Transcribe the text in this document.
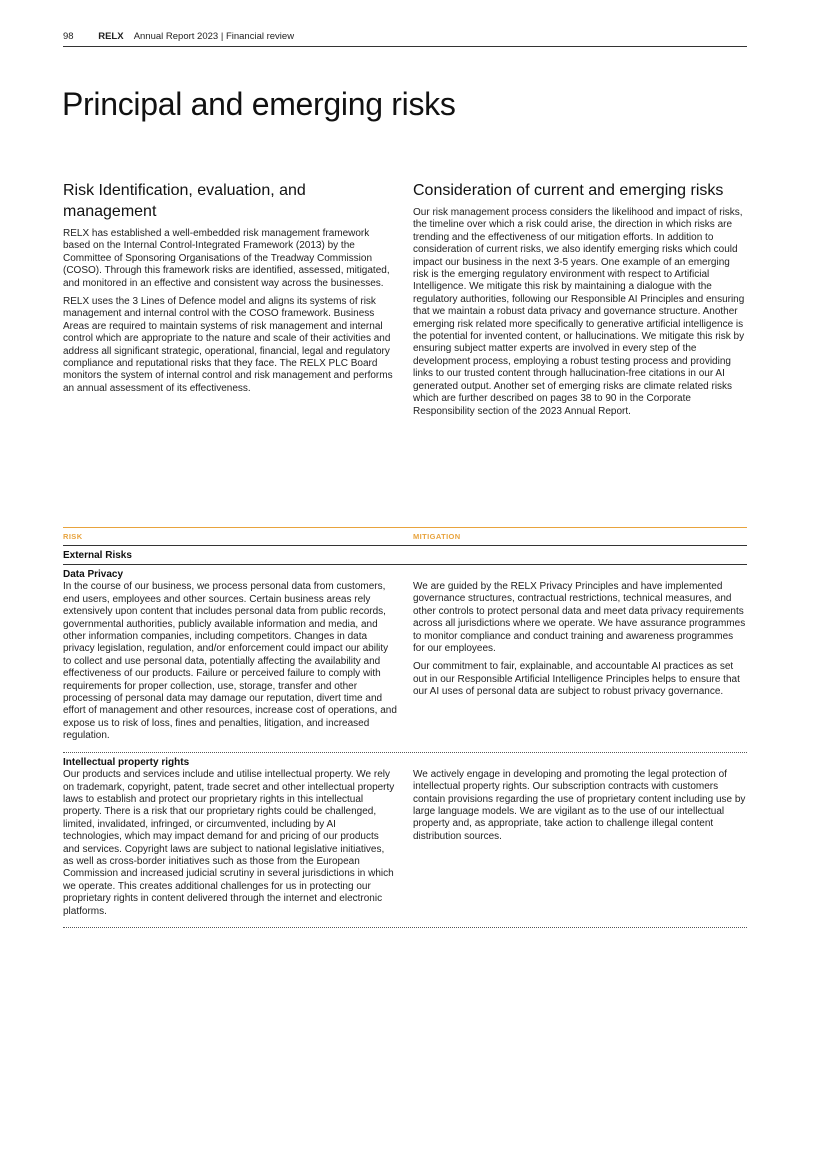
98	RELX Annual Report 2023 | Financial review
Principal and emerging risks
Risk Identification, evaluation, and management

RELX has established a well-embedded risk management framework based on the Internal Control-Integrated Framework (2013) by the Committee of Sponsoring Organisations of the Treadway Commission (COSO). Through this framework risks are identified, assessed, mitigated, and monitored in an effective and consistent way across the businesses.

RELX uses the 3 Lines of Defence model and aligns its systems of risk management and internal control with the COSO framework. Business Areas are required to maintain systems of risk management and internal control which are appropriate to the nature and scale of their activities and address all significant strategic, operational, financial, legal and regulatory compliance and reputational risks that they face. The RELX PLC Board monitors the system of internal control and risk management and performs an annual assessment of its effectiveness.

Consideration of current and emerging risks

Our risk management process considers the likelihood and impact of risks, the timeline over which a risk could arise, the direction in which risks are trending and the effectiveness of our mitigation efforts. In addition to consideration of current risks, we also identify emerging risks which could impact our business in the next 3-5 years. One example of an emerging risk is the emerging regulatory environment with respect to Artificial Intelligence. We mitigate this risk by maintaining a dialogue with the regulatory authorities, following our Responsible AI Principles and ensuring that we maintain a robust data privacy and governance structure. Another emerging risk related more specifically to generative artificial intelligence is the potential for invented content, or hallucinations. We mitigate this risk by ensuring subject matter experts are involved in every step of the development process, employing a robust testing process and providing links to our trusted content through hallucination-free citations in our AI generated output. Another set of emerging risks are climate related risks which are further described on pages 38 to 90 in the Corporate Responsibility section of the 2023 Annual Report.

RISK	MITIGATION
External Risks
Data Privacy

In the course of our business, we process personal data from customers, end users, employees and other sources. Certain business areas rely extensively upon content that includes personal data from public records, governmental authorities, publicly available information and media, and other information companies, including competitors. Changes in data privacy legislation, regulation, and/or enforcement could impact our ability to collect and use personal data, potentially affecting the availability and effectiveness of our products. Failure or perceived failure to comply with requirements for proper collection, use, storage, transfer and other processing of personal data may damage our reputation, divert time and effort of management and other resources, increase cost of operations, and expose us to risk of loss, fines and penalties, litigation, and increased regulation.

We are guided by the RELX Privacy Principles and have implemented governance structures, contractual restrictions, technical measures, and other controls to protect personal data and meet data privacy requirements across all jurisdictions where we operate. We have assurance programmes to monitor compliance and conduct training and awareness programmes for our employees.

Our commitment to fair, explainable, and accountable AI practices as set out in our Responsible Artificial Intelligence Principles helps to ensure that our AI uses of personal data are subject to robust privacy governance.

Intellectual property rights

Our products and services include and utilise intellectual property. We rely on trademark, copyright, patent, trade secret and other intellectual property laws to establish and protect our proprietary rights in this intellectual property. There is a risk that our proprietary rights could be challenged, limited, invalidated, infringed, or circumvented, including by AI technologies, which may impact demand for and pricing of our products and services. Copyright laws are subject to national legislative initiatives, as well as cross-border initiatives such as those from the European Commission and increased judicial scrutiny in several jurisdictions in which we operate. This creates additional challenges for us in protecting our proprietary rights in content delivered through the internet and electronic platforms.

We actively engage in developing and promoting the legal protection of intellectual property rights. Our subscription contracts with customers contain provisions regarding the use of proprietary content including use by large language models. We are vigilant as to the use of our intellectual property and, as appropriate, take action to challenge illegal content distribution sources.
